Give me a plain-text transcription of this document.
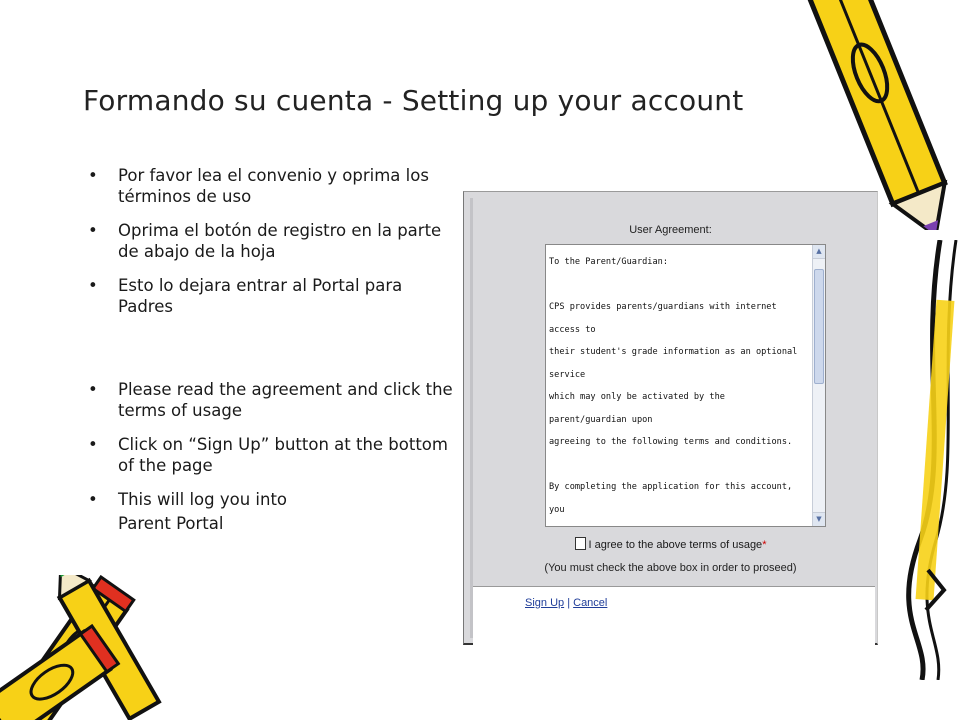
Formando su cuenta - Setting up your account
• Por favor lea el convenio y oprima los términos de uso
• Oprima el botón de registro en la parte de abajo de la hoja
• Esto lo dejara entrar al Portal para Padres
• Please read the agreement and click the terms of usage
• Click on “Sign Up” button at the bottom of the page
• This will log you into
Parent Portal
User Agreement:
To the Parent/Guardian:

CPS provides parents/guardians with internet access to
their student's grade information as an optional service
which may only be activated by the parent/guardian upon
agreeing to the following terms and conditions.

By completing the application for this account, you

▲
▼
I agree to the above terms of usage*
(You must check the above box in order to proseed)
Sign Up | Cancel
